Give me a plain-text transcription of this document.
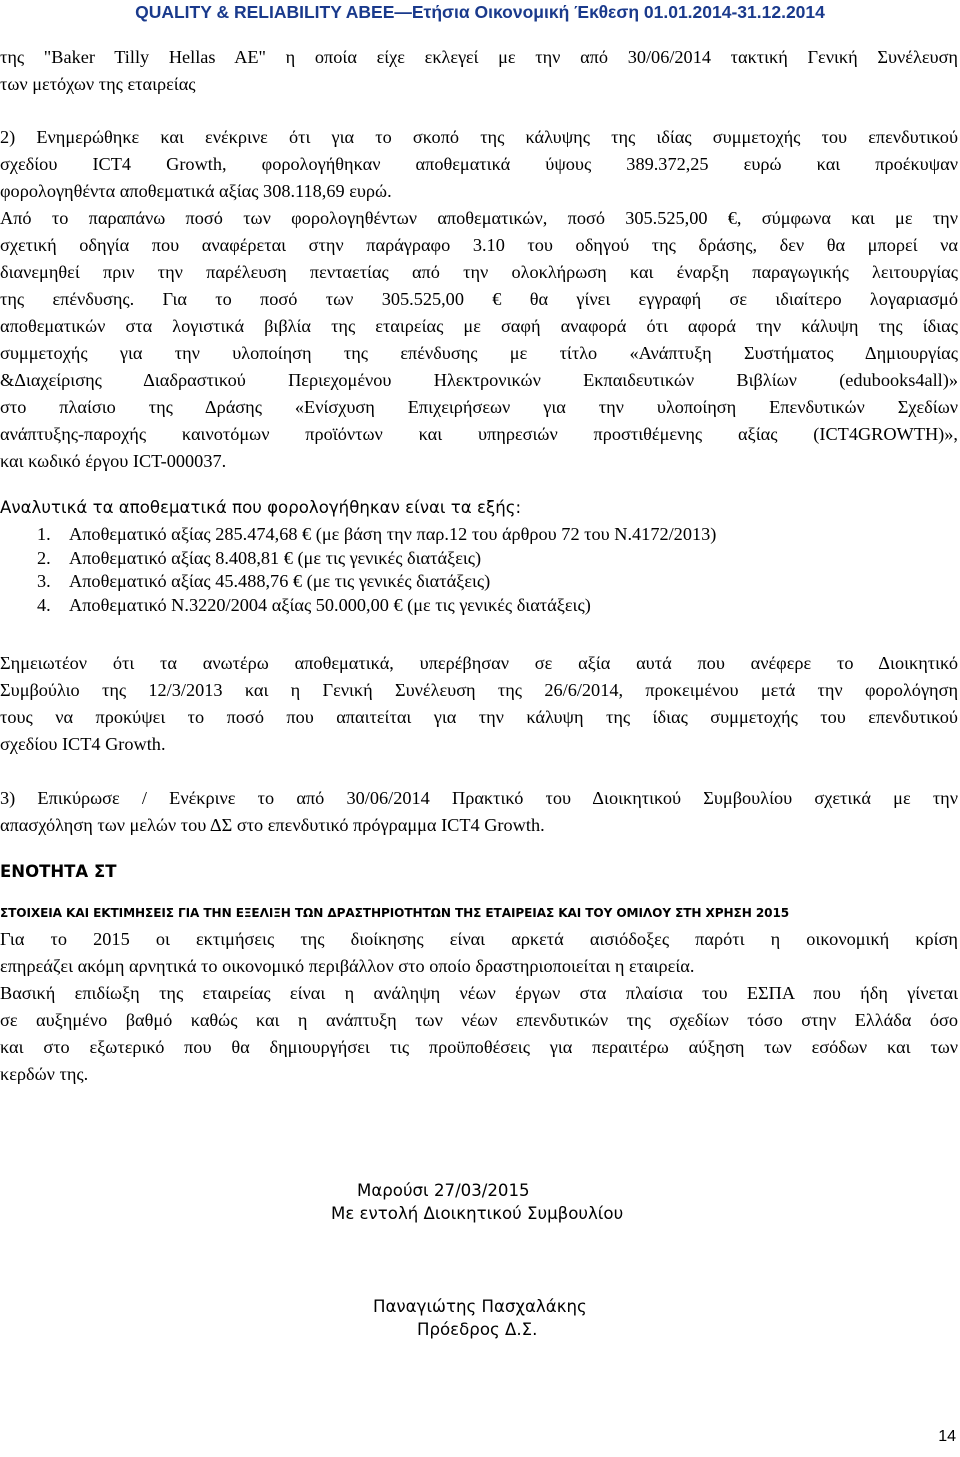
QUALITY & RELIABILITY ABEE—Ετήσια Οικονομική Έκθεση 01.01.2014-31.12.2014
της "Baker Tilly Hellas AE" η οποία είχε εκλεγεί με την από 30/06/2014 τακτική Γενική Συνέλευση
των μετόχων της εταιρείας
2) Ενημερώθηκε και ενέκρινε ότι για το σκοπό της κάλυψης της ιδίας συμμετοχής του επενδυτικού
σχεδίου ICT4 Growth, φορολογήθηκαν αποθεματικά ύψους 389.372,25 ευρώ και προέκυψαν
φορολογηθέντα αποθεματικά αξίας 308.118,69 ευρώ.
Από το παραπάνω ποσό των φορολογηθέντων αποθεματικών, ποσό 305.525,00 €, σύμφωνα και με την
σχετική οδηγία που αναφέρεται στην παράγραφο 3.10 του οδηγού της δράσης, δεν θα μπορεί να
διανεμηθεί πριν την παρέλευση πενταετίας από την ολοκλήρωση και έναρξη παραγωγικής λειτουργίας
της επένδυσης. Για το ποσό των 305.525,00 € θα γίνει εγγραφή σε ιδιαίτερο λογαριασμό
αποθεματικών στα λογιστικά βιβλία της εταιρείας με σαφή αναφορά ότι αφορά την κάλυψη της ίδιας
συμμετοχής για την υλοποίηση της επένδυσης με τίτλο «Ανάπτυξη Συστήματος Δημιουργίας
&Διαχείρισης Διαδραστικού Περιεχομένου Ηλεκτρονικών Εκπαιδευτικών Βιβλίων (edubooks4all)»
στο πλαίσιο της Δράσης «Ενίσχυση Επιχειρήσεων για την υλοποίηση Επενδυτικών Σχεδίων
ανάπτυξης-παροχής καινοτόμων προϊόντων και υπηρεσιών προστιθέμενης αξίας (ICT4GROWTH)»,
και κωδικό έργου ICT-000037.

Αναλυτικά τα αποθεματικά που φορολογήθηκαν είναι τα εξής:

1. Αποθεματικό αξίας 285.474,68 € (με βάση την παρ.12 του άρθρου 72 του Ν.4172/2013)
2. Αποθεματικό αξίας 8.408,81 € (με τις γενικές διατάξεις)
3. Αποθεματικό αξίας 45.488,76 € (με τις γενικές διατάξεις)
4. Αποθεματικό Ν.3220/2004 αξίας 50.000,00 € (με τις γενικές διατάξεις)
Σημειωτέον ότι τα ανωτέρω αποθεματικά, υπερέβησαν σε αξία αυτά που ανέφερε το Διοικητικό
Συμβούλιο της 12/3/2013 και η Γενική Συνέλευση της 26/6/2014, προκειμένου μετά την φορολόγηση
τους να προκύψει το ποσό που απαιτείται για την κάλυψη της ίδιας συμμετοχής του επενδυτικού
σχεδίου ICT4 Growth.
3) Επικύρωσε / Ενέκρινε το από 30/06/2014 Πρακτικό του Διοικητικού Συμβουλίου σχετικά με την
απασχόληση των μελών του ΔΣ στο επενδυτικό πρόγραμμα ICT4 Growth.

ΕΝΟΤΗΤΑ ΣΤ

ΣΤΟΙΧΕΙΑ ΚΑΙ ΕΚΤΙΜΗΣΕΙΣ ΓΙΑ ΤΗΝ ΕΞΕΛΙΞΗ ΤΩΝ ΔΡΑΣΤΗΡΙΟΤΗΤΩΝ ΤΗΣ ΕΤΑΙΡΕΙΑΣ ΚΑΙ ΤΟΥ ΟΜΙΛΟΥ ΣΤΗ ΧΡΗΣΗ 2015

Για το 2015 οι εκτιμήσεις της διοίκησης είναι αρκετά αισιόδοξες παρότι η οικονομική κρίση
επηρεάζει ακόμη αρνητικά το οικονομικό περιβάλλον στο οποίο δραστηριοποιείται η εταιρεία.
Βασική επιδίωξη της εταιρείας είναι η ανάληψη νέων έργων στα πλαίσια του ΕΣΠΑ που ήδη γίνεται
σε αυξημένο βαθμό καθώς και η ανάπτυξη των νέων επενδυτικών της σχεδίων τόσο στην Ελλάδα όσο
και στο εξωτερικό που θα δημιουργήσει τις προϋποθέσεις για περαιτέρω αύξηση των εσόδων και των
κερδών της.

Μαρούσι 27/03/2015

Με εντολή Διοικητικού Συμβουλίου

Παναγιώτης Πασχαλάκης

Πρόεδρος Δ.Σ.

14
